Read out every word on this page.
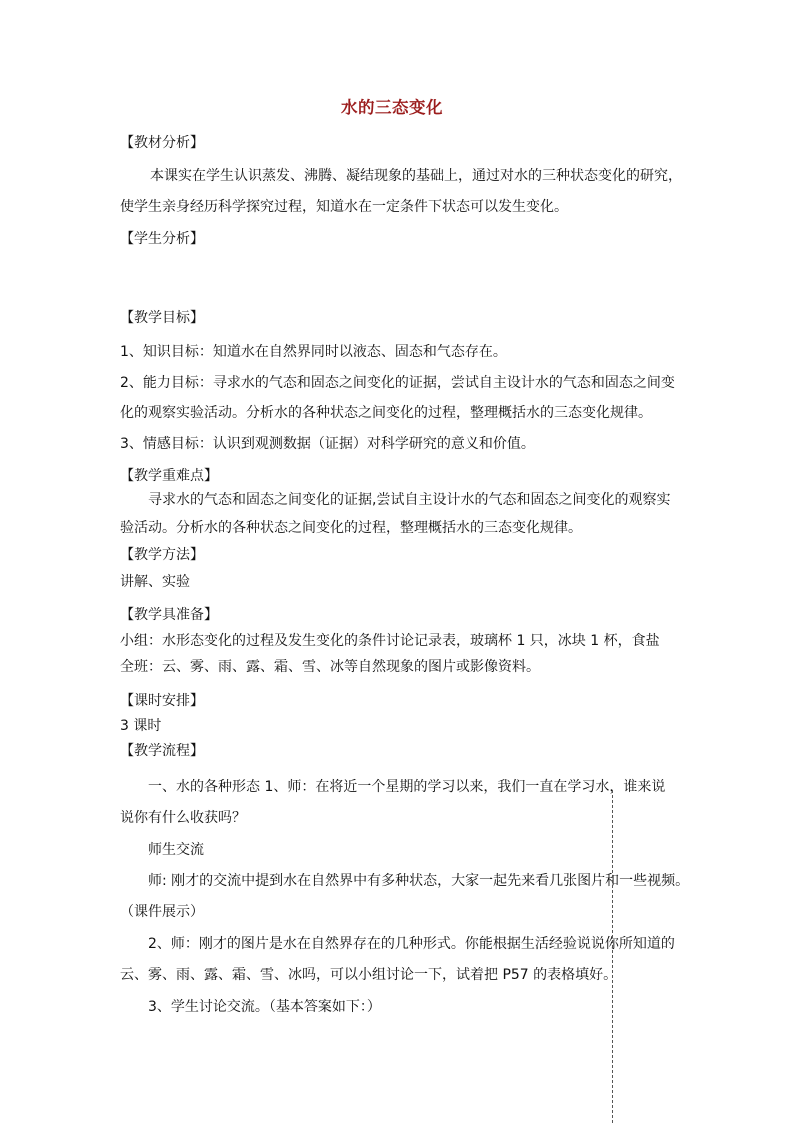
水的三态变化

【教材分析】

本课实在学生认识蒸发、沸腾、凝结现象的基础上，通过对水的三种状态变化的研究，

使学生亲身经历科学探究过程，知道水在一定条件下状态可以发生变化。

【学生分析】

【教学目标】

1、知识目标：知道水在自然界同时以液态、固态和气态存在。

2、能力目标：寻求水的气态和固态之间变化的证据，尝试自主设计水的气态和固态之间变

化的观察实验活动。分析水的各种状态之间变化的过程，整理概括水的三态变化规律。

3、情感目标：认识到观测数据（证据）对科学研究的意义和价值。

【教学重难点】

寻求水的气态和固态之间变化的证据,尝试自主设计水的气态和固态之间变化的观察实

验活动。分析水的各种状态之间变化的过程，整理概括水的三态变化规律。

【教学方法】

讲解、实验

【教学具准备】

小组：水形态变化的过程及发生变化的条件讨论记录表，玻璃杯 1 只，冰块 1 杯，食盐

全班：云、雾、雨、露、霜、雪、冰等自然现象的图片或影像资料。

【课时安排】

3 课时

【教学流程】

一、水的各种形态 1、师：在将近一个星期的学习以来，我们一直在学习水，谁来说

说你有什么收获吗？

师生交流

师: 刚才的交流中提到水在自然界中有多种状态，大家一起先来看几张图片和一些视频。

（课件展示）

2、师：刚才的图片是水在自然界存在的几种形式。你能根据生活经验说说你所知道的

云、雾、雨、露、霜、雪、冰吗，可以小组讨论一下，试着把 P57 的表格填好。

3、学生讨论交流。（基本答案如下：）
